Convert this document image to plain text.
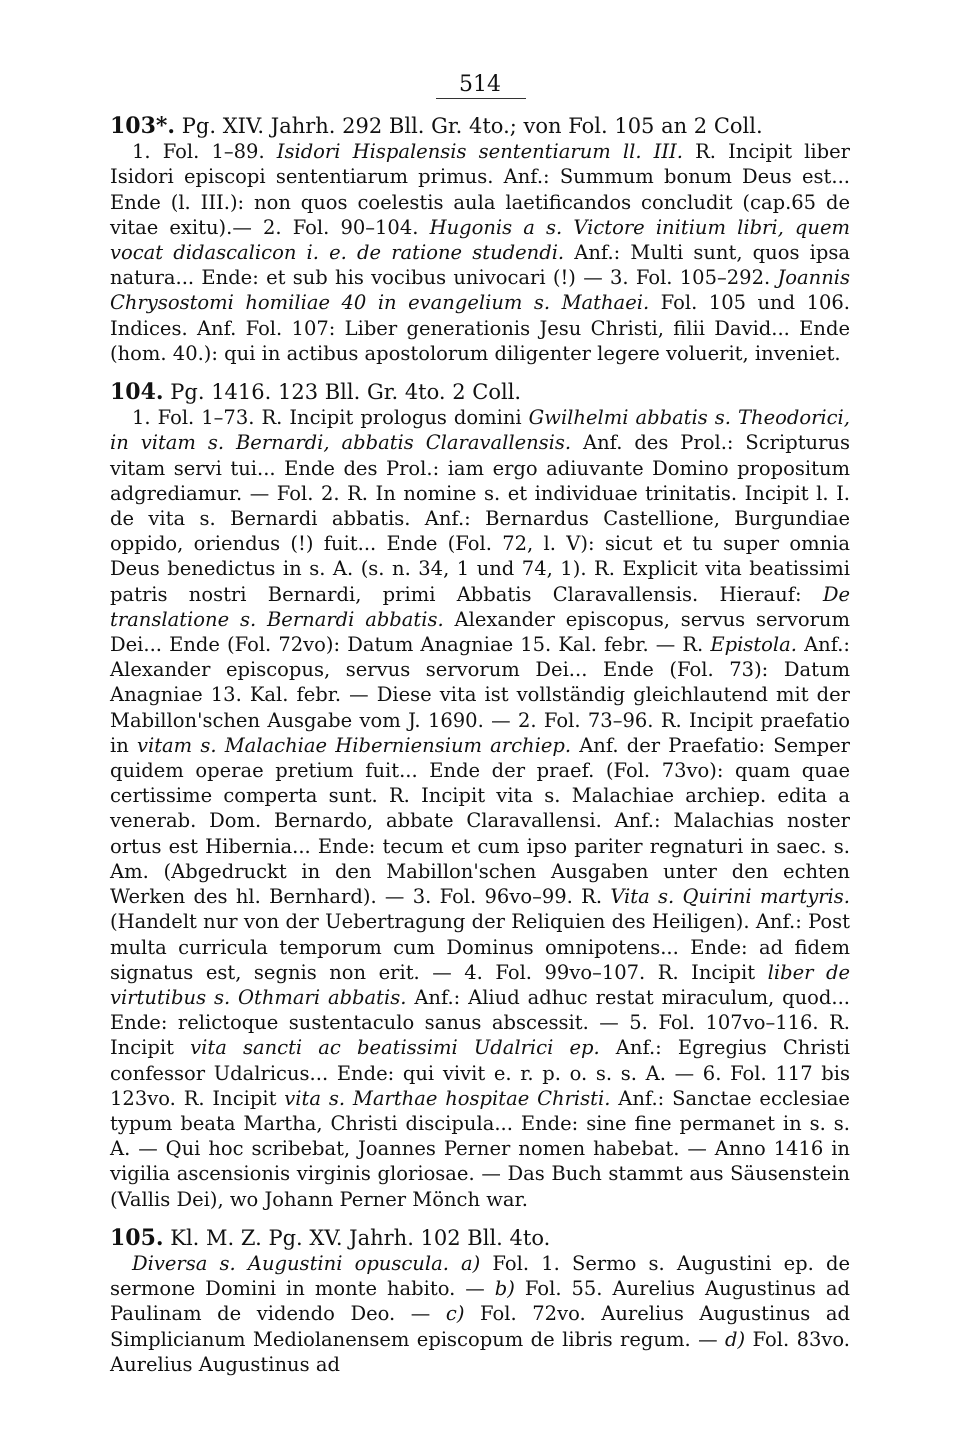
514

103*. Pg. XIV. Jahrh. 292 Bll. Gr. 4to.; von Fol. 105 an 2 Coll.

1. Fol. 1–89. Isidori Hispalensis sententiarum ll. III. R. Incipit liber Isidori episcopi sententiarum primus. Anf.: Summum bonum Deus est... Ende (l. III.): non quos coelestis aula laetificandos concludit (cap.65 de vitae exitu).— 2. Fol. 90–104. Hugonis a s. Victore initium libri, quem vocat didascalicon i. e. de ratione studendi. Anf.: Multi sunt, quos ipsa natura... Ende: et sub his vocibus univocari (!) — 3. Fol. 105–292. Joannis Chrysostomi homiliae 40 in evangelium s. Mathaei. Fol. 105 und 106. Indices. Anf. Fol. 107: Liber generationis Jesu Christi, filii David... Ende (hom. 40.): qui in actibus apostolorum diligenter legere voluerit, inveniet.

104. Pg. 1416. 123 Bll. Gr. 4to. 2 Coll.

1. Fol. 1–73. R. Incipit prologus domini Gwilhelmi abbatis s. Theodorici, in vitam s. Bernardi, abbatis Claravallensis. Anf. des Prol.: Scripturus vitam servi tui... Ende des Prol.: iam ergo adiuvante Domino propositum adgrediamur. — Fol. 2. R. In nomine s. et individuae trinitatis. Incipit l. I. de vita s. Bernardi abbatis. Anf.: Bernardus Castellione, Burgundiae oppido, oriendus (!) fuit... Ende (Fol. 72, l. V): sicut et tu super omnia Deus benedictus in s. A. (s. n. 34, 1 und 74, 1). R. Explicit vita beatissimi patris nostri Bernardi, primi Abbatis Claravallensis. Hierauf: De translatione s. Bernardi abbatis. Alexander episcopus, servus servorum Dei... Ende (Fol. 72vo): Datum Anagniae 15. Kal. febr. — R. Epistola. Anf.: Alexander episcopus, servus servorum Dei... Ende (Fol. 73): Datum Anagniae 13. Kal. febr. — Diese vita ist vollständig gleichlautend mit der Mabillon'schen Ausgabe vom J. 1690. — 2. Fol. 73–96. R. Incipit praefatio in vitam s. Malachiae Hiberniensium archiep. Anf. der Praefatio: Semper quidem operae pretium fuit... Ende der praef. (Fol. 73vo): quam quae certissime comperta sunt. R. Incipit vita s. Malachiae archiep. edita a venerab. Dom. Bernardo, abbate Claravallensi. Anf.: Malachias noster ortus est Hibernia... Ende: tecum et cum ipso pariter regnaturi in saec. s. Am. (Abgedruckt in den Mabillon'schen Ausgaben unter den echten Werken des hl. Bernhard). — 3. Fol. 96vo–99. R. Vita s. Quirini martyris. (Handelt nur von der Uebertragung der Reliquien des Heiligen). Anf.: Post multa curricula temporum cum Dominus omnipotens... Ende: ad fidem signatus est, segnis non erit. — 4. Fol. 99vo–107. R. Incipit liber de virtutibus s. Othmari abbatis. Anf.: Aliud adhuc restat miraculum, quod... Ende: relictoque sustentaculo sanus abscessit. — 5. Fol. 107vo–116. R. Incipit vita sancti ac beatissimi Udalrici ep. Anf.: Egregius Christi confessor Udalricus... Ende: qui vivit e. r. p. o. s. s. A. — 6. Fol. 117 bis 123vo. R. Incipit vita s. Marthae hospitae Christi. Anf.: Sanctae ecclesiae typum beata Martha, Christi discipula... Ende: sine fine permanet in s. s. A. — Qui hoc scribebat, Joannes Perner nomen habebat. — Anno 1416 in vigilia ascensionis virginis gloriosae. — Das Buch stammt aus Säusenstein (Vallis Dei), wo Johann Perner Mönch war.

105. Kl. M. Z. Pg. XV. Jahrh. 102 Bll. 4to.

Diversa s. Augustini opuscula. a) Fol. 1. Sermo s. Augustini ep. de sermone Domini in monte habito. — b) Fol. 55. Aurelius Augustinus ad Paulinam de videndo Deo. — c) Fol. 72vo. Aurelius Augustinus ad Simplicianum Mediolanensem episcopum de libris regum. — d) Fol. 83vo. Aurelius Augustinus ad
